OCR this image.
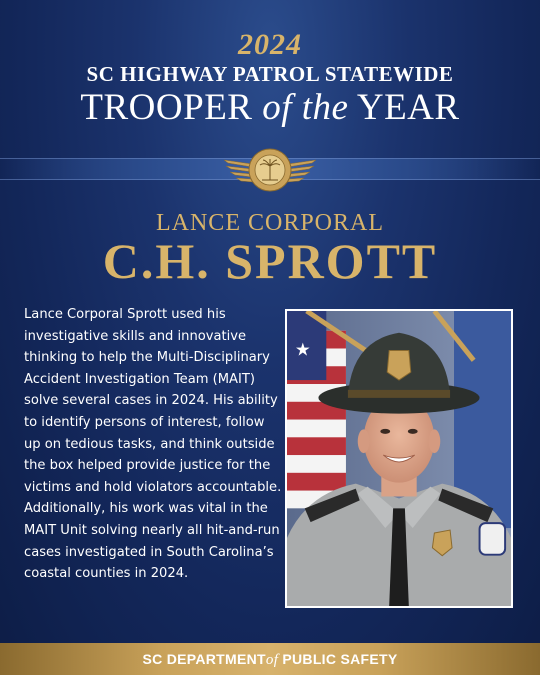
2024
SC HIGHWAY PATROL STATEWIDE
TROOPER of the YEAR
LANCE CORPORAL
C.H. SPROTT
Lance Corporal Sprott used his
investigative skills and innovative
thinking to help the Multi-Disciplinary
Accident Investigation Team (MAIT)
solve several cases in 2024. His ability
to identify persons of interest, follow
up on tedious tasks, and think outside
the box helped provide justice for the
victims and hold violators accountable.
Additionally, his work was vital in the
MAIT Unit solving nearly all hit-and-run
cases investigated in South Carolina’s
coastal counties in 2024.
★
SC DEPARTMENTof PUBLIC SAFETY
